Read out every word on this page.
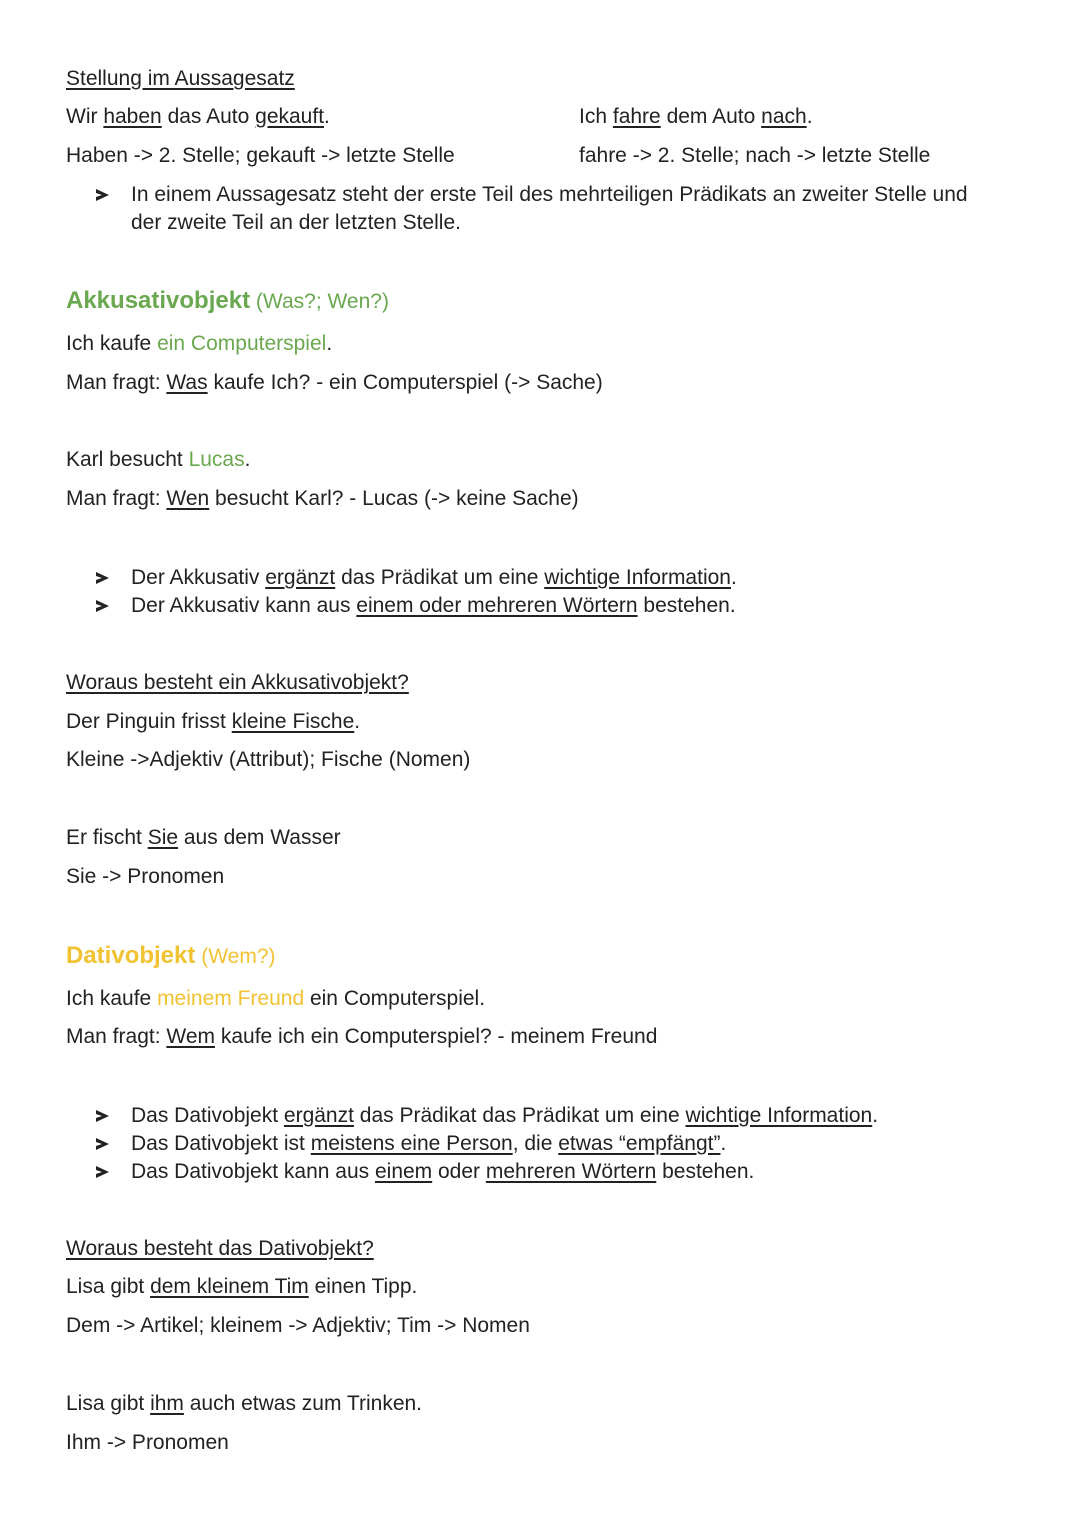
Stellung im Aussagesatz
Wir haben das Auto gekauft.	Ich fahre dem Auto nach.
Haben -> 2. Stelle; gekauft -> letzte Stelle	fahre -> 2. Stelle; nach -> letzte Stelle
In einem Aussagesatz steht der erste Teil des mehrteiligen Prädikats an zweiter Stelle und
der zweite Teil an der letzten Stelle.
Akkusativobjekt (Was?; Wen?)
Ich kaufe ein Computerspiel.
Man fragt: Was kaufe Ich? - ein Computerspiel (-> Sache)
Karl besucht Lucas.
Man fragt: Wen besucht Karl? - Lucas (-> keine Sache)
Der Akkusativ ergänzt das Prädikat um eine wichtige Information.
Der Akkusativ kann aus einem oder mehreren Wörtern bestehen.
Woraus besteht ein Akkusativobjekt?
Der Pinguin frisst kleine Fische.
Kleine ->Adjektiv (Attribut); Fische (Nomen)
Er fischt Sie aus dem Wasser
Sie -> Pronomen
Dativobjekt (Wem?)
Ich kaufe meinem Freund ein Computerspiel.
Man fragt: Wem kaufe ich ein Computerspiel? - meinem Freund
Das Dativobjekt ergänzt das Prädikat das Prädikat um eine wichtige Information.
Das Dativobjekt ist meistens eine Person, die etwas “empfängt”.
Das Dativobjekt kann aus einem oder mehreren Wörtern bestehen.
Woraus besteht das Dativobjekt?
Lisa gibt dem kleinem Tim einen Tipp.
Dem -> Artikel; kleinem -> Adjektiv; Tim -> Nomen
Lisa gibt ihm auch etwas zum Trinken.
Ihm -> Pronomen
